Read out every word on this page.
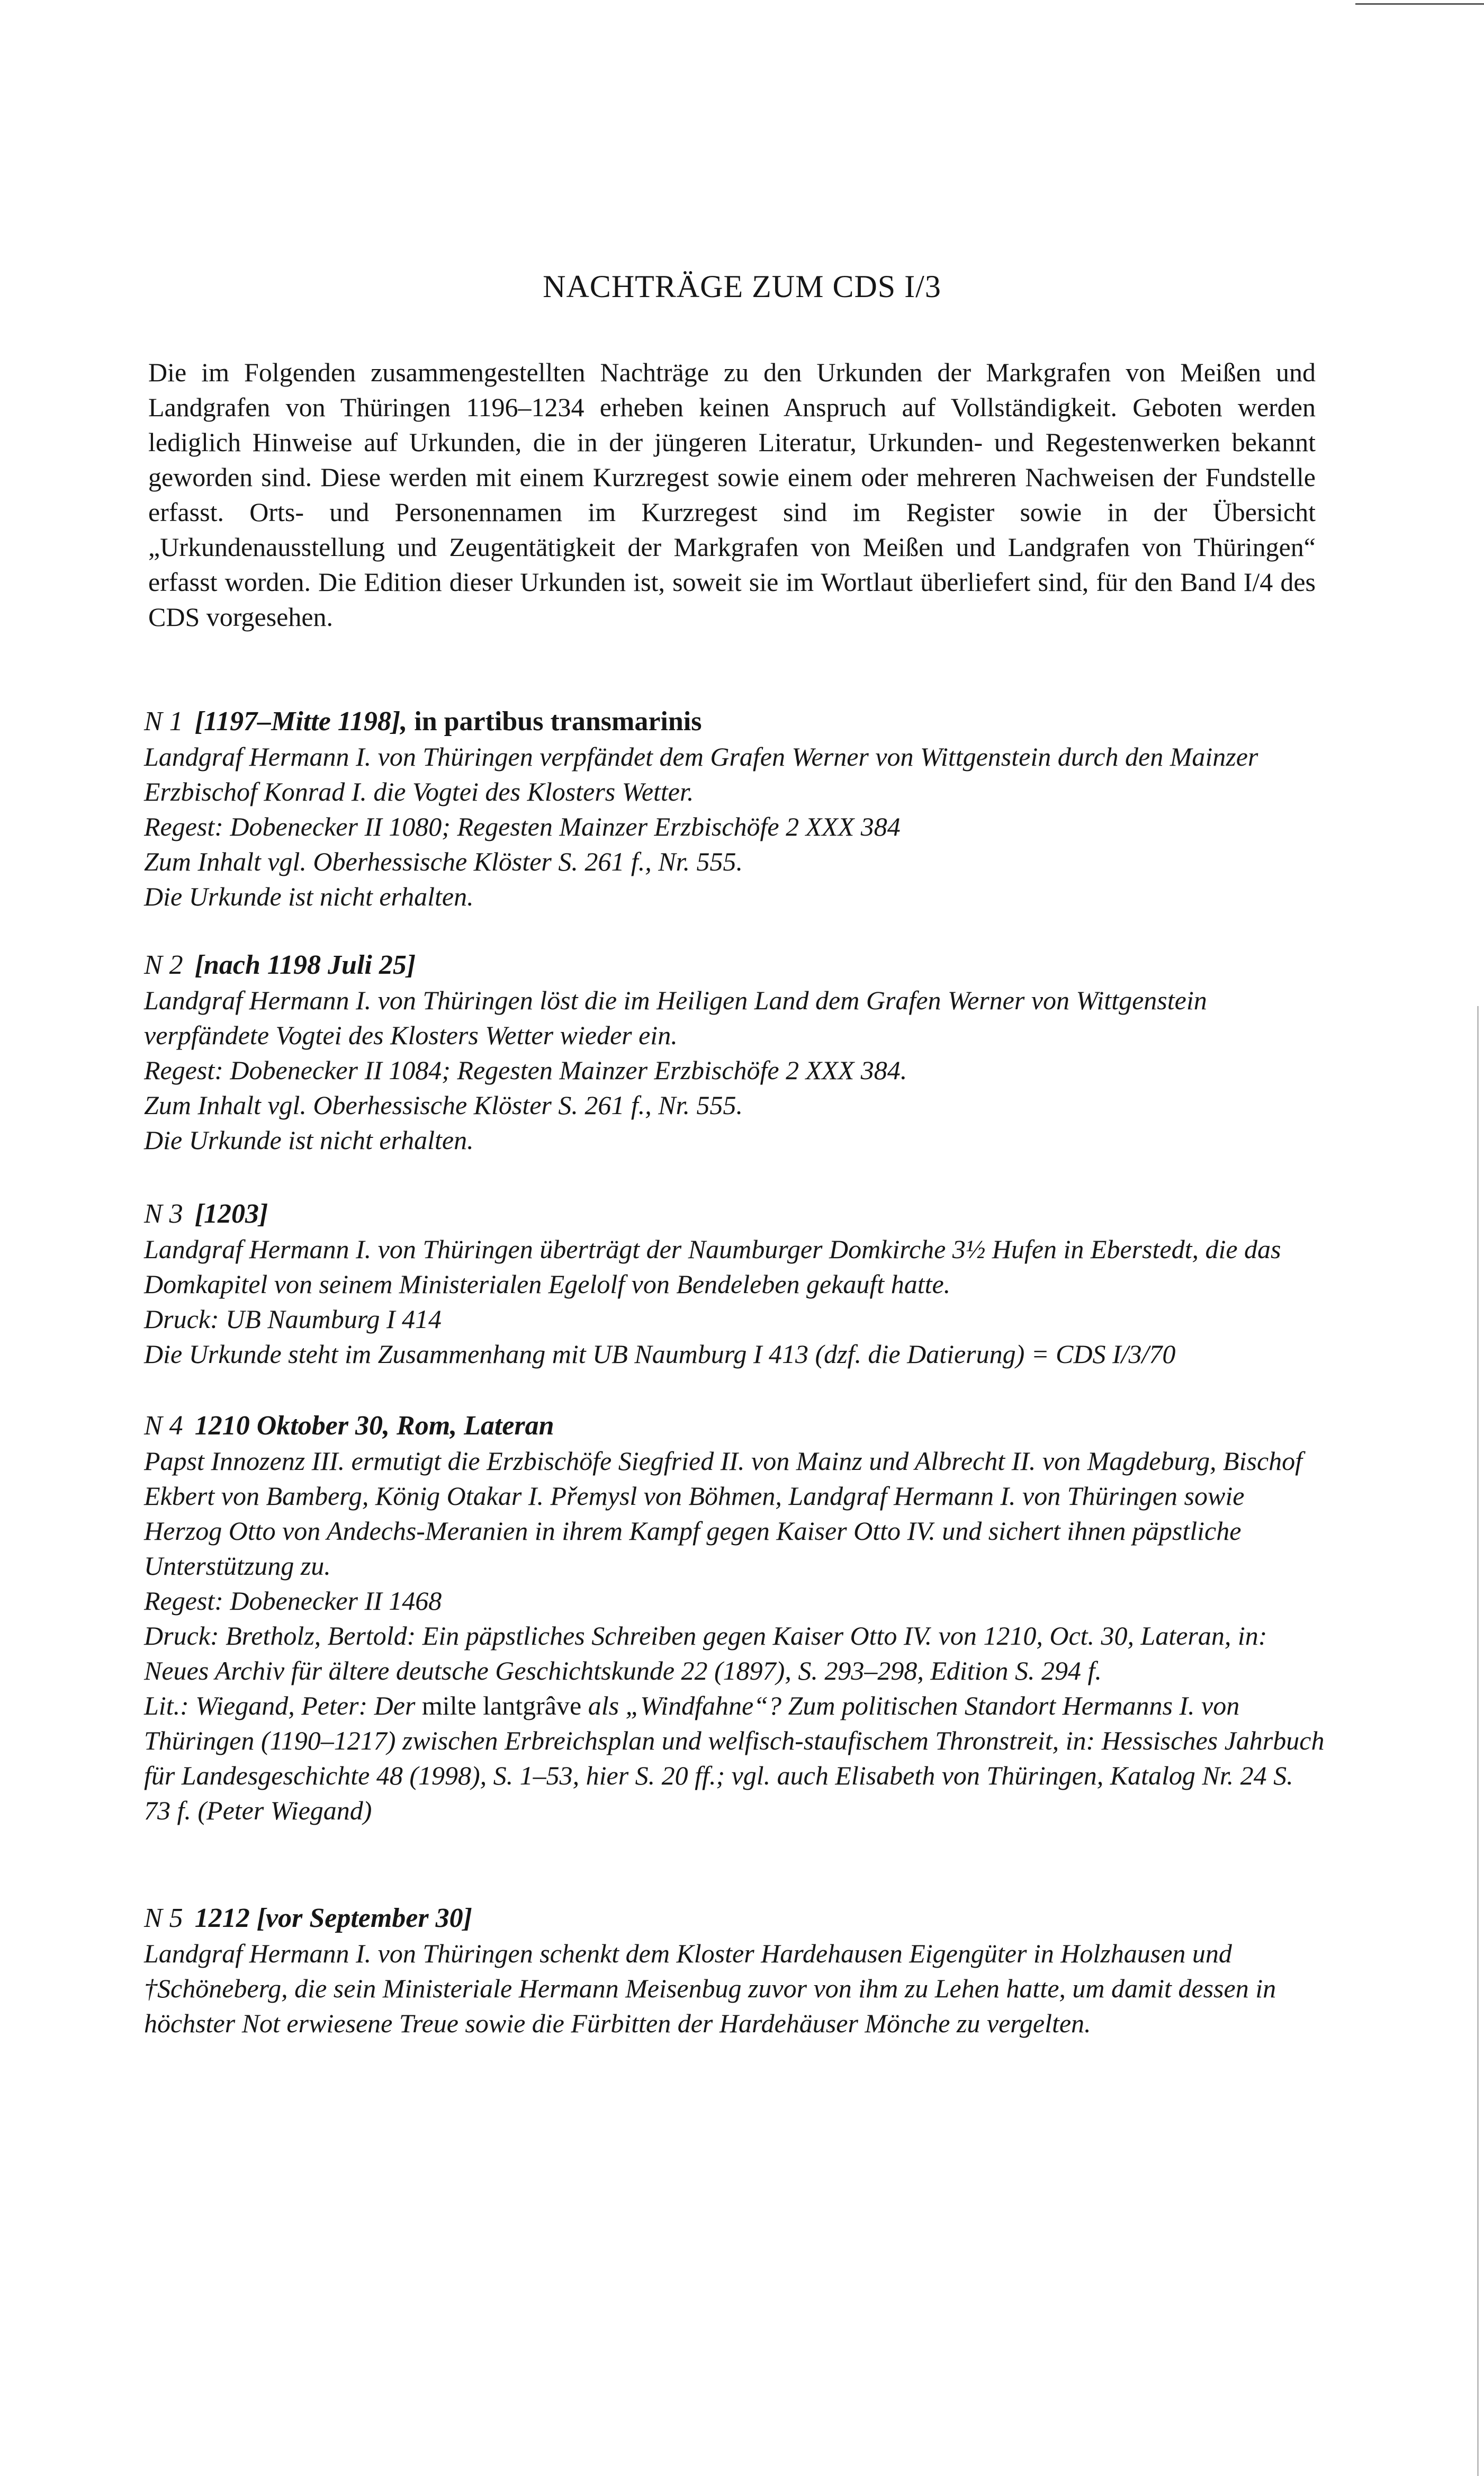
NACHTRÄGE ZUM CDS I/3
Die im Folgenden zusammengestellten Nachträge zu den Urkunden der Markgrafen von Meißen und Landgrafen von Thüringen 1196–1234 erheben keinen Anspruch auf Vollständigkeit. Geboten werden lediglich Hinweise auf Urkunden, die in der jüngeren Literatur, Urkunden- und Regestenwerken bekannt geworden sind. Diese werden mit einem Kurzregest sowie einem oder mehreren Nachweisen der Fundstelle erfasst. Orts- und Personennamen im Kurzregest sind im Register sowie in der Übersicht „Urkundenausstellung und Zeugentätigkeit der Markgrafen von Meißen und Landgrafen von Thüringen“ erfasst worden. Die Edition dieser Urkunden ist, soweit sie im Wortlaut überliefert sind, für den Band I/4 des CDS vorgesehen.
N 1 [1197–Mitte 1198], in partibus transmarinis
Landgraf Hermann I. von Thüringen verpfändet dem Grafen Werner von Wittgenstein durch den Mainzer Erzbischof Konrad I. die Vogtei des Klosters Wetter.
Regest: Dobenecker II 1080; Regesten Mainzer Erzbischöfe 2 XXX 384
Zum Inhalt vgl. Oberhessische Klöster S. 261 f., Nr. 555.
Die Urkunde ist nicht erhalten.
N 2 [nach 1198 Juli 25]
Landgraf Hermann I. von Thüringen löst die im Heiligen Land dem Grafen Werner von Wittgenstein verpfändete Vogtei des Klosters Wetter wieder ein.
Regest: Dobenecker II 1084; Regesten Mainzer Erzbischöfe 2 XXX 384.
Zum Inhalt vgl. Oberhessische Klöster S. 261 f., Nr. 555.
Die Urkunde ist nicht erhalten.
N 3 [1203]
Landgraf Hermann I. von Thüringen überträgt der Naumburger Domkirche 3½ Hufen in Eberstedt, die das Domkapitel von seinem Ministerialen Egelolf von Bendeleben gekauft hatte.
Druck: UB Naumburg I 414
Die Urkunde steht im Zusammenhang mit UB Naumburg I 413 (dzf. die Datierung) = CDS I/3/70
N 4 1210 Oktober 30, Rom, Lateran
Papst Innozenz III. ermutigt die Erzbischöfe Siegfried II. von Mainz und Albrecht II. von Magdeburg, Bischof Ekbert von Bamberg, König Otakar I. Přemysl von Böhmen, Landgraf Hermann I. von Thüringen sowie Herzog Otto von Andechs-Meranien in ihrem Kampf gegen Kaiser Otto IV. und sichert ihnen päpstliche Unterstützung zu.
Regest: Dobenecker II 1468
Druck: Bretholz, Bertold: Ein päpstliches Schreiben gegen Kaiser Otto IV. von 1210, Oct. 30, Lateran, in: Neues Archiv für ältere deutsche Geschichtskunde 22 (1897), S. 293–298, Edition S. 294 f.
Lit.: Wiegand, Peter: Der milte lantgrâve als „Windfahne“? Zum politischen Standort Hermanns I. von Thüringen (1190–1217) zwischen Erbreichsplan und welfisch-staufischem Thronstreit, in: Hessisches Jahrbuch für Landesgeschichte 48 (1998), S. 1–53, hier S. 20 ff.; vgl. auch Elisabeth von Thüringen, Katalog Nr. 24 S. 73 f. (Peter Wiegand)
N 5 1212 [vor September 30]
Landgraf Hermann I. von Thüringen schenkt dem Kloster Hardehausen Eigengüter in Holzhausen und †Schöneberg, die sein Ministeriale Hermann Meisenbug zuvor von ihm zu Lehen hatte, um damit dessen in höchster Not erwiesene Treue sowie die Fürbitten der Hardehäuser Mönche zu vergelten.
